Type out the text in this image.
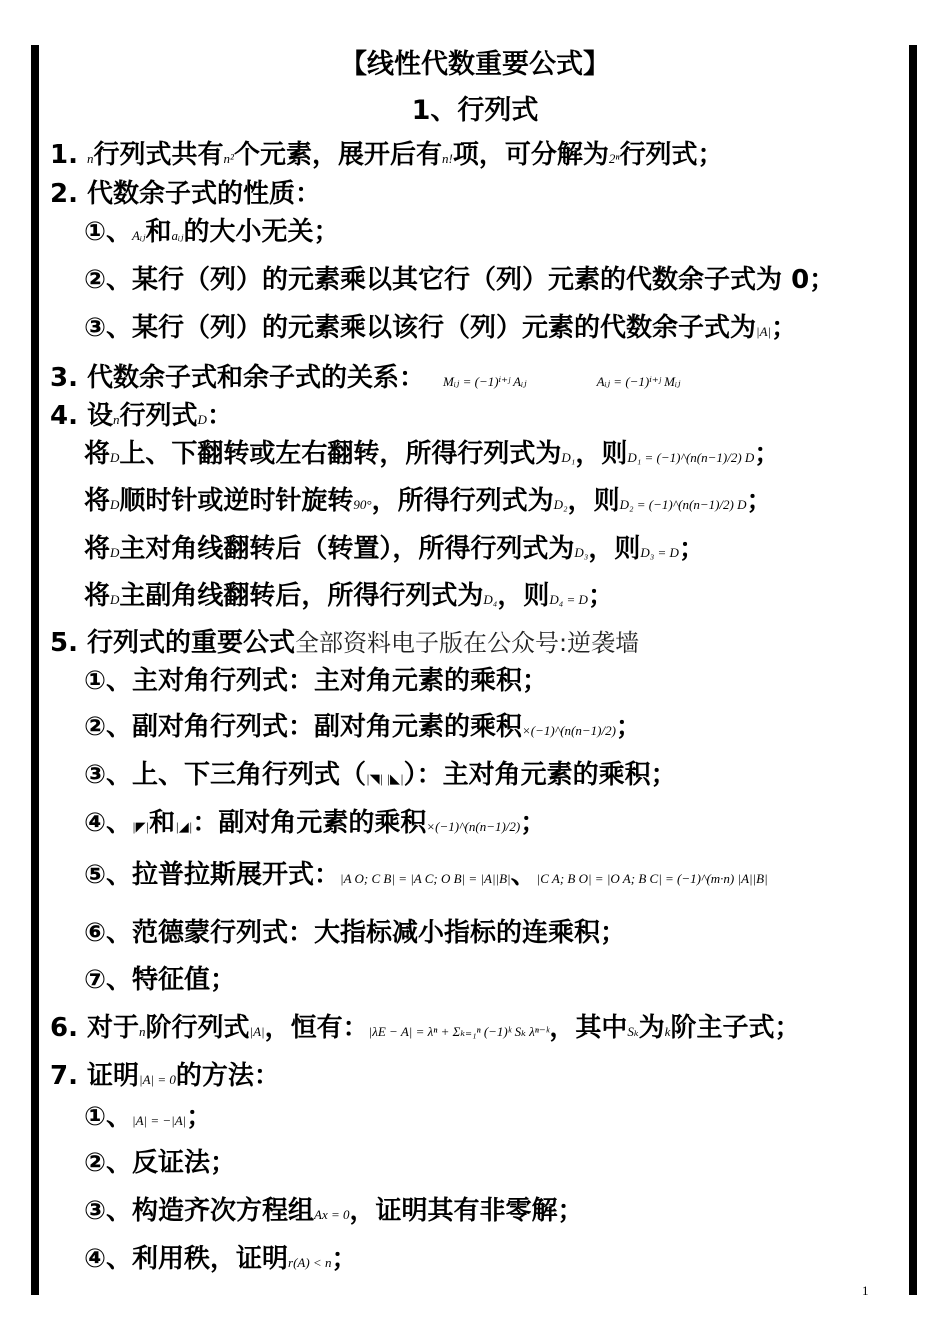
【线性代数重要公式】
1、行列式
1. n行列式共有n²个元素，展开后有n!项，可分解为2ⁿ行列式；
2. 代数余子式的性质：
①、Aᵢⱼ和aᵢⱼ的大小无关；
②、某行（列）的元素乘以其它行（列）元素的代数余子式为 0；
③、某行（列）的元素乘以该行（列）元素的代数余子式为|A|；
3. 代数余子式和余子式的关系： Mᵢⱼ = (−1)ⁱ⁺ʲ Aᵢⱼ	Aᵢⱼ = (−1)ⁱ⁺ʲ Mᵢⱼ
4. 设n行列式D：
将D上、下翻转或左右翻转，所得行列式为D₁，则D₁ = (−1)^(n(n−1)/2) D；
将D顺时针或逆时针旋转90°，所得行列式为D₂，则D₂ = (−1)^(n(n−1)/2) D；
将D主对角线翻转后（转置），所得行列式为D₃，则D₃ = D；
将D主副角线翻转后，所得行列式为D₄，则D₄ = D；
5. 行列式的重要公式全部资料电子版在公众号:逆袭墙
①、主对角行列式：主对角元素的乘积；
②、副对角行列式：副对角元素的乘积×(−1)^(n(n−1)/2)；
③、上、下三角行列式（|◥| |◣|）：主对角元素的乘积；
④、|◤|和|◢|：副对角元素的乘积×(−1)^(n(n−1)/2)；
⑤、拉普拉斯展开式：|A O; C B| = |A C; O B| = |A||B|、|C A; B O| = |O A; B C| = (−1)^(m·n) |A||B|
⑥、范德蒙行列式：大指标减小指标的连乘积；
⑦、特征值；
6. 对于n阶行列式|A|，恒有：|λE − A| = λⁿ + Σₖ₌₁ⁿ (−1)ᵏ Sₖ λⁿ⁻ᵏ，其中Sₖ为k阶主子式；
7. 证明|A| = 0的方法：
①、|A| = −|A|；
②、反证法；
③、构造齐次方程组Ax = 0，证明其有非零解；
④、利用秩，证明r(A) < n；
1
